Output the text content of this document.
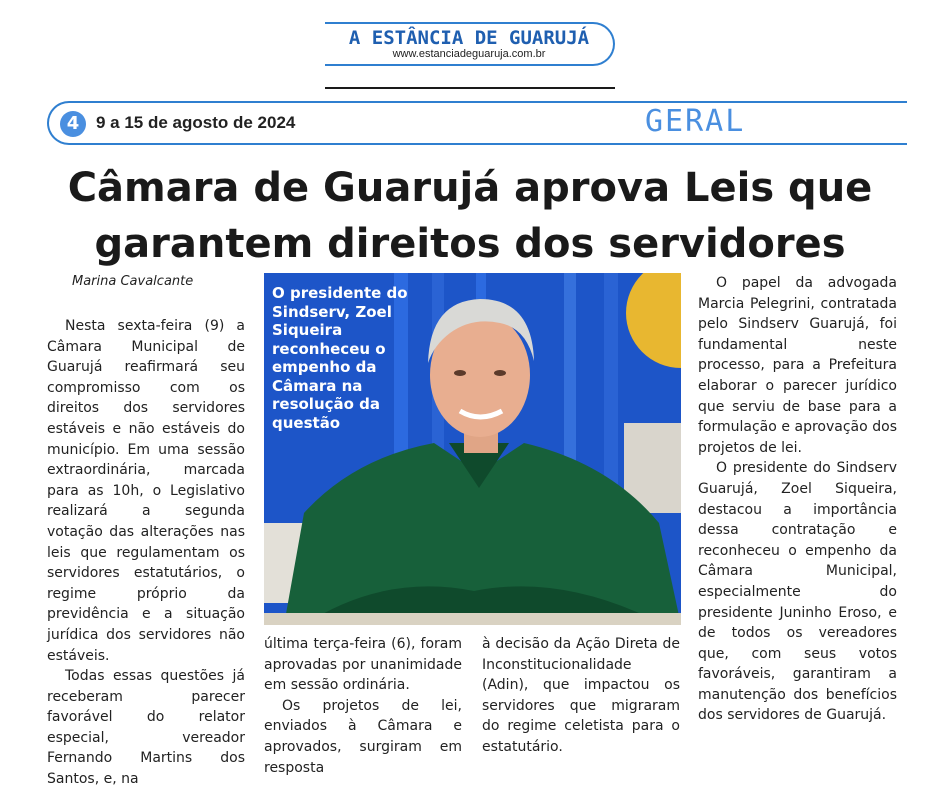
A ESTÂNCIA DE GUARUJÁ
www.estanciadeguaruja.com.br
4 9 a 15 de agosto de 2024	GERAL
Câmara de Guarujá aprova Leis que
garantem direitos dos servidores
Marina Cavalcante

Nesta sexta-feira (9) a Câmara Municipal de Guarujá reafirmará seu compromisso com os direitos dos servidores estáveis e não estáveis do município. Em uma sessão extraordinária, marcada para as 10h, o Legislativo realizará a segunda votação das alterações nas leis que regulamentam os servidores estatutários, o regime próprio da previdência e a situação jurídica dos servidores não estáveis.

Todas essas questões já receberam parecer favorável do relator especial, vereador Fernando Martins dos Santos, e, na

O presidente do Sindserv, Zoel Siqueira reconheceu o empenho da Câmara na resolução da questão

última terça-feira (6), foram aprovadas por unanimidade em sessão ordinária.

Os projetos de lei, enviados à Câmara e aprovados, surgiram em resposta

à decisão da Ação Direta de Inconstitucionalidade (Adin), que impactou os servidores que migraram do regime celetista para o estatutário.

O papel da advogada Marcia Pelegrini, contratada pelo Sindserv Guarujá, foi fundamental neste processo, para a Prefeitura elaborar o parecer jurídico que serviu de base para a formulação e aprovação dos projetos de lei.

O presidente do Sindserv Guarujá, Zoel Siqueira, destacou a importância dessa contratação e reconheceu o empenho da Câmara Municipal, especialmente do presidente Juninho Eroso, e de todos os vereadores que, com seus votos favoráveis, garantiram a manutenção dos benefícios dos servidores de Guarujá.
